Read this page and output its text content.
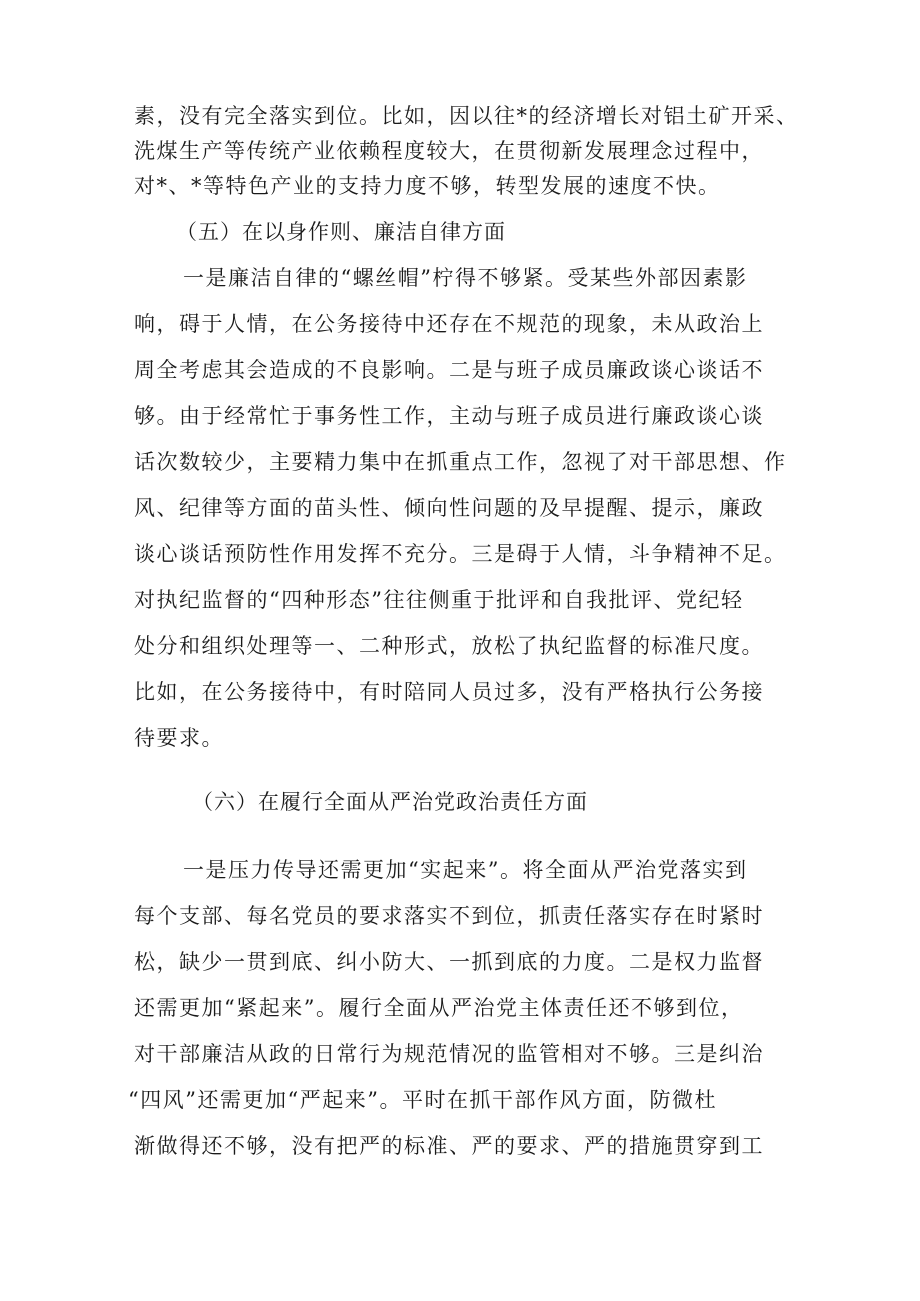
素，没有完全落实到位。比如，因以往*的经济增长对铝土矿开采、

洗煤生产等传统产业依赖程度较大，在贯彻新发展理念过程中，

对*、*等特色产业的支持力度不够，转型发展的速度不快。

（五）在以身作则、廉洁自律方面

一是廉洁自律的“螺丝帽”柠得不够紧。受某些外部因素影

响，碍于人情，在公务接待中还存在不规范的现象，未从政治上

周全考虑其会造成的不良影响。二是与班子成员廉政谈心谈话不

够。由于经常忙于事务性工作，主动与班子成员进行廉政谈心谈

话次数较少，主要精力集中在抓重点工作，忽视了对干部思想、作

风、纪律等方面的苗头性、倾向性问题的及早提醒、提示，廉政

谈心谈话预防性作用发挥不充分。三是碍于人情，斗争精神不足。

对执纪监督的“四种形态”往往侧重于批评和自我批评、党纪轻

处分和组织处理等一、二种形式，放松了执纪监督的标准尺度。

比如，在公务接待中，有时陪同人员过多，没有严格执行公务接

待要求。

（六）在履行全面从严治党政治责任方面

一是压力传导还需更加“实起来”。将全面从严治党落实到

每个支部、每名党员的要求落实不到位，抓责任落实存在时紧时

松，缺少一贯到底、纠小防大、一抓到底的力度。二是权力监督

还需更加“紧起来”。履行全面从严治党主体责任还不够到位，

对干部廉洁从政的日常行为规范情况的监管相对不够。三是纠治

“四风”还需更加“严起来”。平时在抓干部作风方面，防微杜

渐做得还不够，没有把严的标准、严的要求、严的措施贯穿到工
